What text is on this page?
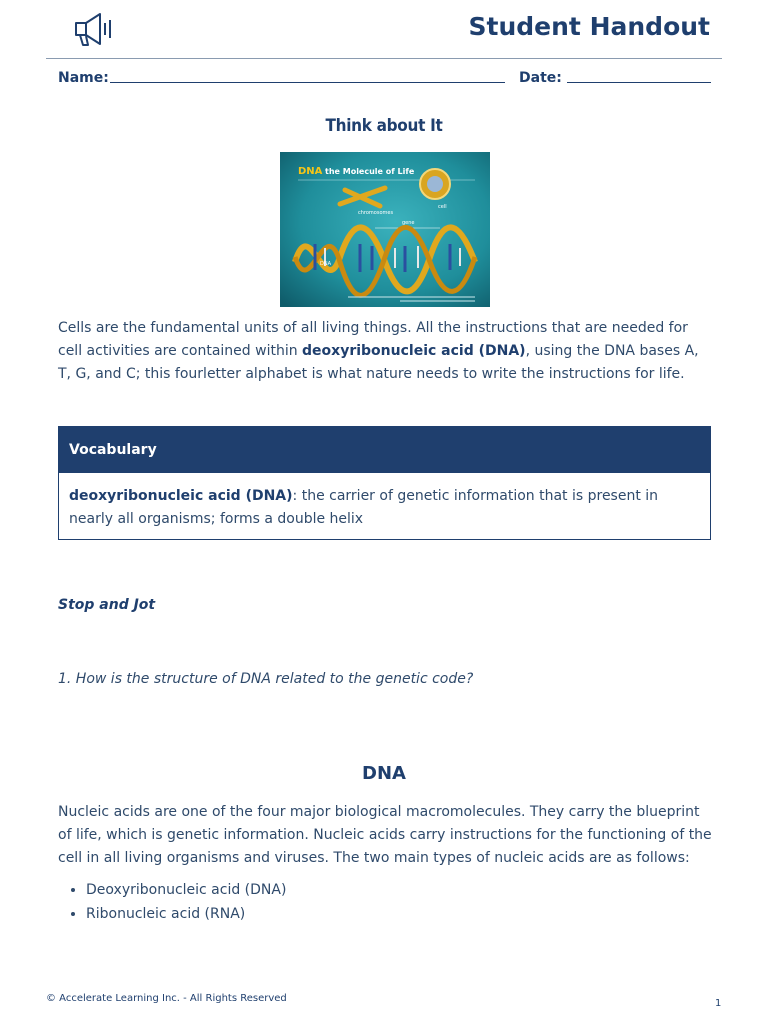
Student Handout
Name:	Date:
Think about It
DNA the Molecule of Life
cell
chromosomes
gene
DNA
Cells are the fundamental units of all living things. All the instructions that are needed for cell activities are contained within deoxyribonucleic acid (DNA), using the DNA bases A, T, G, and C; this fourletter alphabet is what nature needs to write the instructions for life.
Vocabulary
deoxyribonucleic acid (DNA): the carrier of genetic information that is present in nearly all organisms; forms a double helix
Stop and Jot
1. How is the structure of DNA related to the genetic code?
DNA
Nucleic acids are one of the four major biological macromolecules. They carry the blueprint of life, which is genetic information. Nucleic acids carry instructions for the functioning of the cell in all living organisms and viruses. The two main types of nucleic acids are as follows:
• Deoxyribonucleic acid (DNA)
• Ribonucleic acid (RNA)
© Accelerate Learning Inc. - All Rights Reserved	1
